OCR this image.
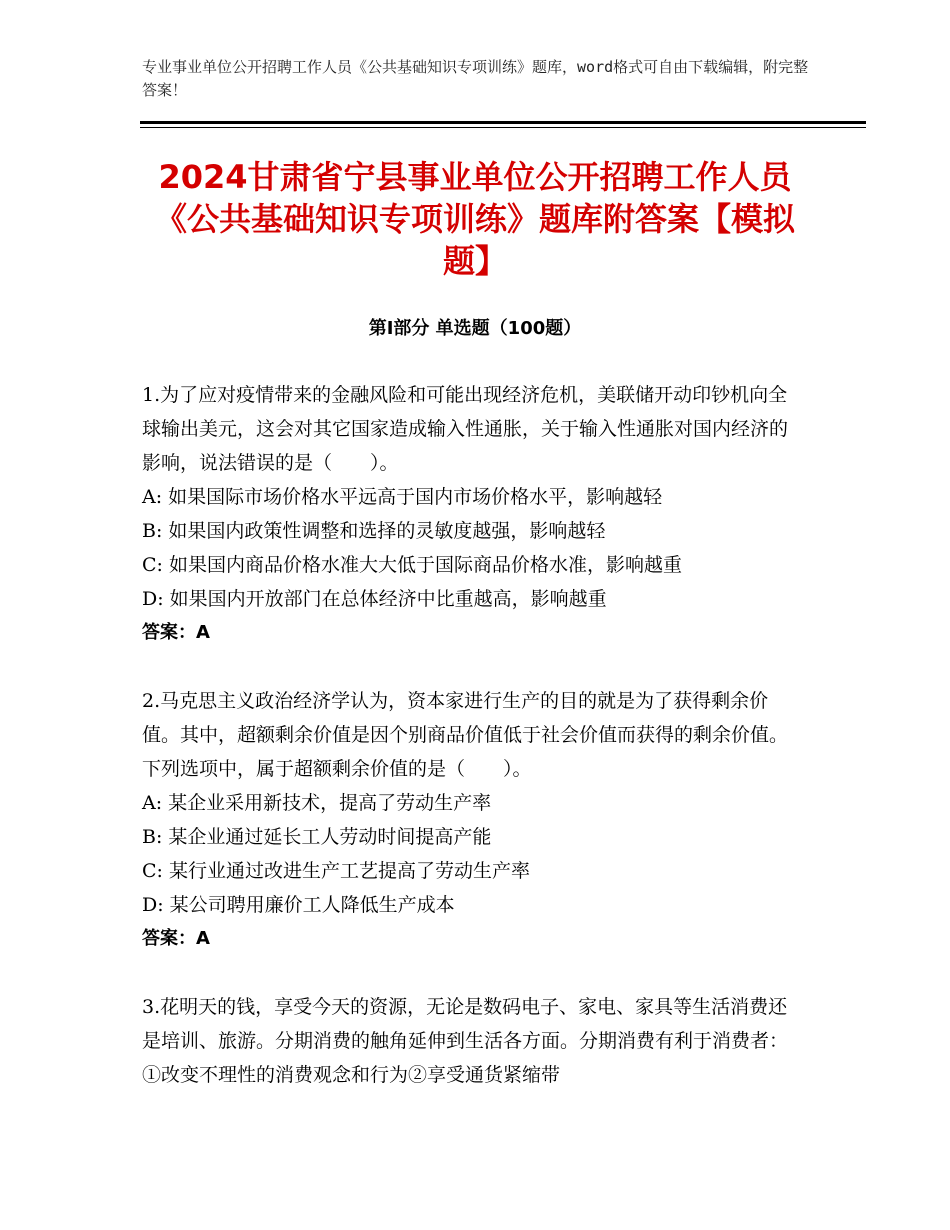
专业事业单位公开招聘工作人员《公共基础知识专项训练》题库，word格式可自由下载编辑，附完整答案！
2024甘肃省宁县事业单位公开招聘工作人员《公共基础知识专项训练》题库附答案【模拟题】
第Ⅰ部分 单选题（100题）
1.为了应对疫情带来的金融风险和可能出现经济危机，美联储开动印钞机向全球输出美元，这会对其它国家造成输入性通胀，关于输入性通胀对国内经济的影响，说法错误的是（　　）。
A: 如果国际市场价格水平远高于国内市场价格水平，影响越轻
B: 如果国内政策性调整和选择的灵敏度越强，影响越轻
C: 如果国内商品价格水准大大低于国际商品价格水准，影响越重
D: 如果国内开放部门在总体经济中比重越高，影响越重
答案：A
2.马克思主义政治经济学认为，资本家进行生产的目的就是为了获得剩余价值。其中，超额剩余价值是因个别商品价值低于社会价值而获得的剩余价值。下列选项中，属于超额剩余价值的是（　　）。
A: 某企业采用新技术，提高了劳动生产率
B: 某企业通过延长工人劳动时间提高产能
C: 某行业通过改进生产工艺提高了劳动生产率
D: 某公司聘用廉价工人降低生产成本
答案：A
3.花明天的钱，享受今天的资源，无论是数码电子、家电、家具等生活消费还是培训、旅游。分期消费的触角延伸到生活各方面。分期消费有利于消费者：①改变不理性的消费观念和行为②享受通货紧缩带
